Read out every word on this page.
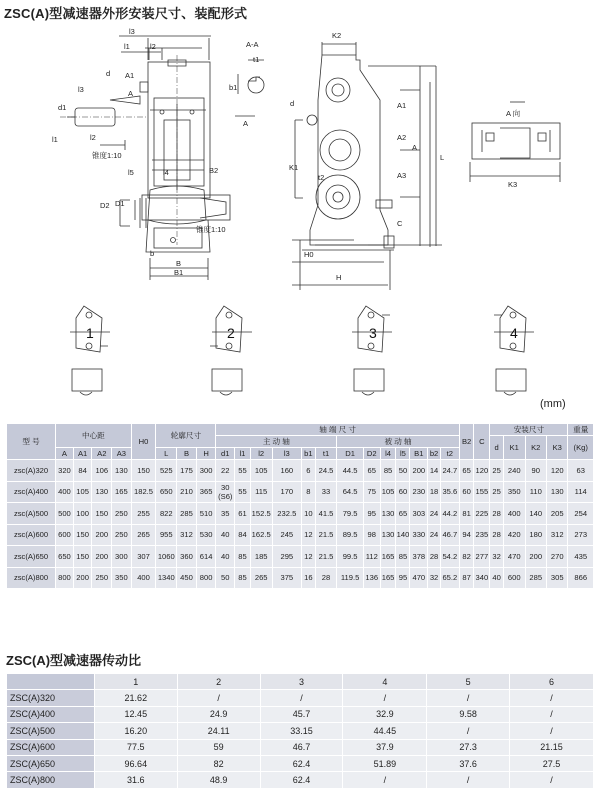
ZSC(A)型减速器外形安装尺寸、装配形式
l3
l1	l2
d A1
A
l3
d1
l1	l2
锥度1:10
l5	l4	B2
D2 D1
锥度1:10
b
B
B1
A-A
t1
b1
A
K2
d	A1
A2
A
K1
A3
L
t2
C
H0
H
A 向
K3
1	2	3	4
(mm)
型 号	中心距				H0	轮廓尺寸			轴 端 尺 寸													B2	C	安装尺寸				重量
									主 动 轴						被 动 轴									d	K1	K2	K3	(Kg)
	A	A1	A2	A3		L	B	H	d1	l1	l2	l3	b1	t1	D1	D2	l4	l5	B1	b2	t2							
zsc(A)320	320	84	106	130	150	525	175	300	22	55	105	160	6	24.5	44.5	65	85	50	200	14	24.7	65	120	25	240	90	120	63
zsc(A)400	400	105	130	165	182.5	650	210	365	30 (S6)	55	115	170	8	33	64.5	75	105	60	230	18	35.6	60	155	25	350	110	130	114
zsc(A)500	500	100	150	250	255	822	285	510	35	61	152.5	232.5	10	41.5	79.5	95	130	65	303	24	44.2	81	225	28	400	140	205	254
zsc(A)600	600	150	200	250	265	955	312	530	40	84	162.5	245	12	21.5	89.5	98	130	140	330	24	46.7	94	235	28	420	180	312	273
zsc(A)650	650	150	200	300	307	1060	360	614	40	85	185	295	12	21.5	99.5	112	165	85	378	28	54.2	82	277	32	470	200	270	435
zsc(A)800	800	200	250	350	400	1340	450	800	50	85	265	375	16	28	119.5	136	165	95	470	32	65.2	87	340	40	600	285	305	866
ZSC(A)型减速器传动比
	1	2	3	4	5	6
ZSC(A)320	21.62	/	/	/	/	/
ZSC(A)400	12.45	24.9	45.7	32.9	9.58	/
ZSC(A)500	16.20	24.11	33.15	44.45	/	/
ZSC(A)600	77.5	59	46.7	37.9	27.3	21.15
ZSC(A)650	96.64	82	62.4	51.89	37.6	27.5
ZSC(A)800	31.6	48.9	62.4	/	/	/
